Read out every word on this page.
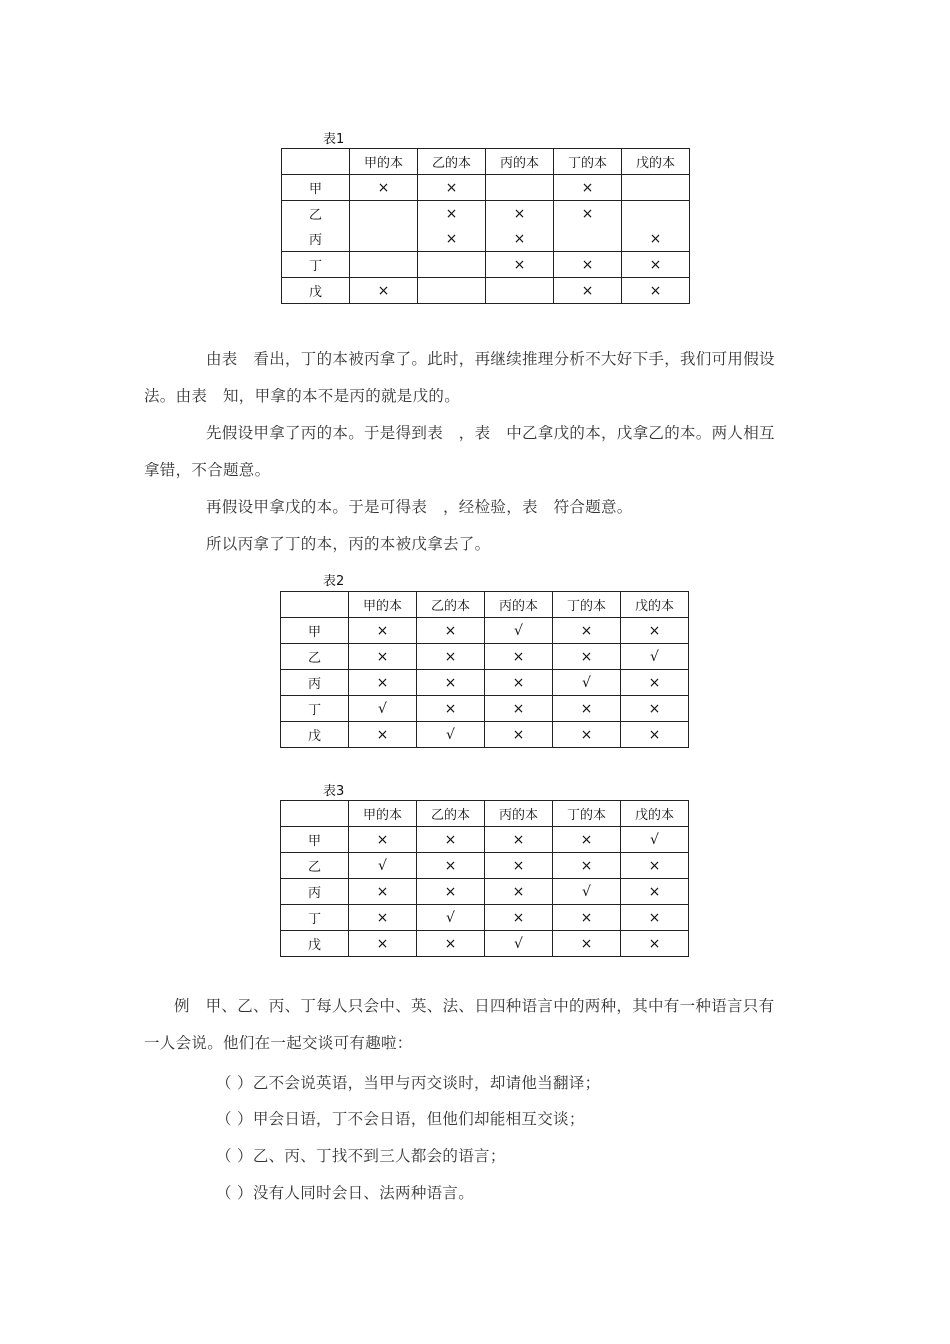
表1
	甲的本	乙的本	丙的本	丁的本	戊的本
甲	×	×		×	
乙		×	×	×	
丙		×	×		×
丁			×	×	×
戊	×			×	×
由表　看出，丁的本被丙拿了。此时，再继续推理分析不大好下手，我们可用假设
法。由表　知，甲拿的本不是丙的就是戊的。
先假设甲拿了丙的本。于是得到表　，表　中乙拿戊的本，戊拿乙的本。两人相互
拿错，不合题意。
再假设甲拿戊的本。于是可得表　，经检验，表　符合题意。
所以丙拿了丁的本，丙的本被戊拿去了。
表2
	甲的本	乙的本	丙的本	丁的本	戊的本
甲	×	×	√	×	×
乙	×	×	×	×	√
丙	×	×	×	√	×
丁	√	×	×	×	×
戊	×	√	×	×	×
表3
	甲的本	乙的本	丙的本	丁的本	戊的本
甲	×	×	×	×	√
乙	√	×	×	×	×
丙	×	×	×	√	×
丁	×	√	×	×	×
戊	×	×	√	×	×
例　甲、乙、丙、丁每人只会中、英、法、日四种语言中的两种，其中有一种语言只有
一人会说。他们在一起交谈可有趣啦：
（ ）乙不会说英语，当甲与丙交谈时，却请他当翻译；
（ ）甲会日语，丁不会日语，但他们却能相互交谈；
（ ）乙、丙、丁找不到三人都会的语言；
（ ）没有人同时会日、法两种语言。
